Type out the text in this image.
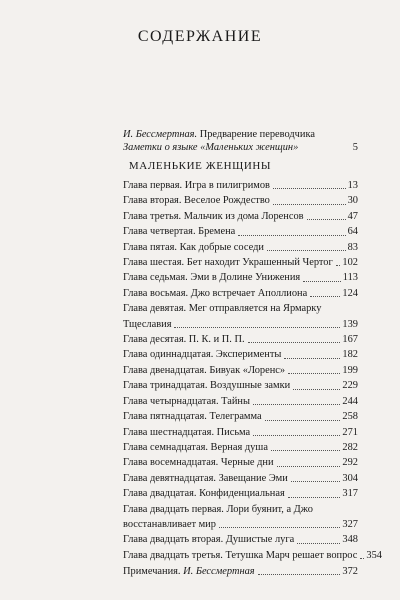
СОДЕРЖАНИЕ
И. Бессмертная. Предварение переводчика
Заметки о языке «Маленьких женщин»	5
МАЛЕНЬКИЕ ЖЕНЩИНЫ
Глава первая. Игра в пилигримов	13
Глава вторая. Веселое Рождество	30
Глава третья. Мальчик из дома Лоренсов	47
Глава четвертая. Бремена	64
Глава пятая. Как добрые соседи	83
Глава шестая. Бет находит Украшенный Чертог 102
Глава седьмая. Эми в Долине Унижения	113
Глава восьмая. Джо встречает Аполлиона	124
Глава девятая. Мег отправляется на Ярмарку
Тщеславия	139
Глава десятая. П. К. и П. П.	167
Глава одиннадцатая. Эксперименты	182
Глава двенадцатая. Бивуак «Лоренс»	199
Глава тринадцатая. Воздушные замки	229
Глава четырнадцатая. Тайны	244
Глава пятнадцатая. Телеграмма	258
Глава шестнадцатая. Письма	271
Глава семнадцатая. Верная душа	282
Глава восемнадцатая. Черные дни	292
Глава девятнадцатая. Завещание Эми	304
Глава двадцатая. Конфиденциальная	317
Глава двадцать первая. Лори буянит, а Джо
восстанавливает мир	327
Глава двадцать вторая. Душистые луга	348
Глава двадцать третья. Тетушка Марч решает вопрос 354
Примечания. И. Бессмертная	372
